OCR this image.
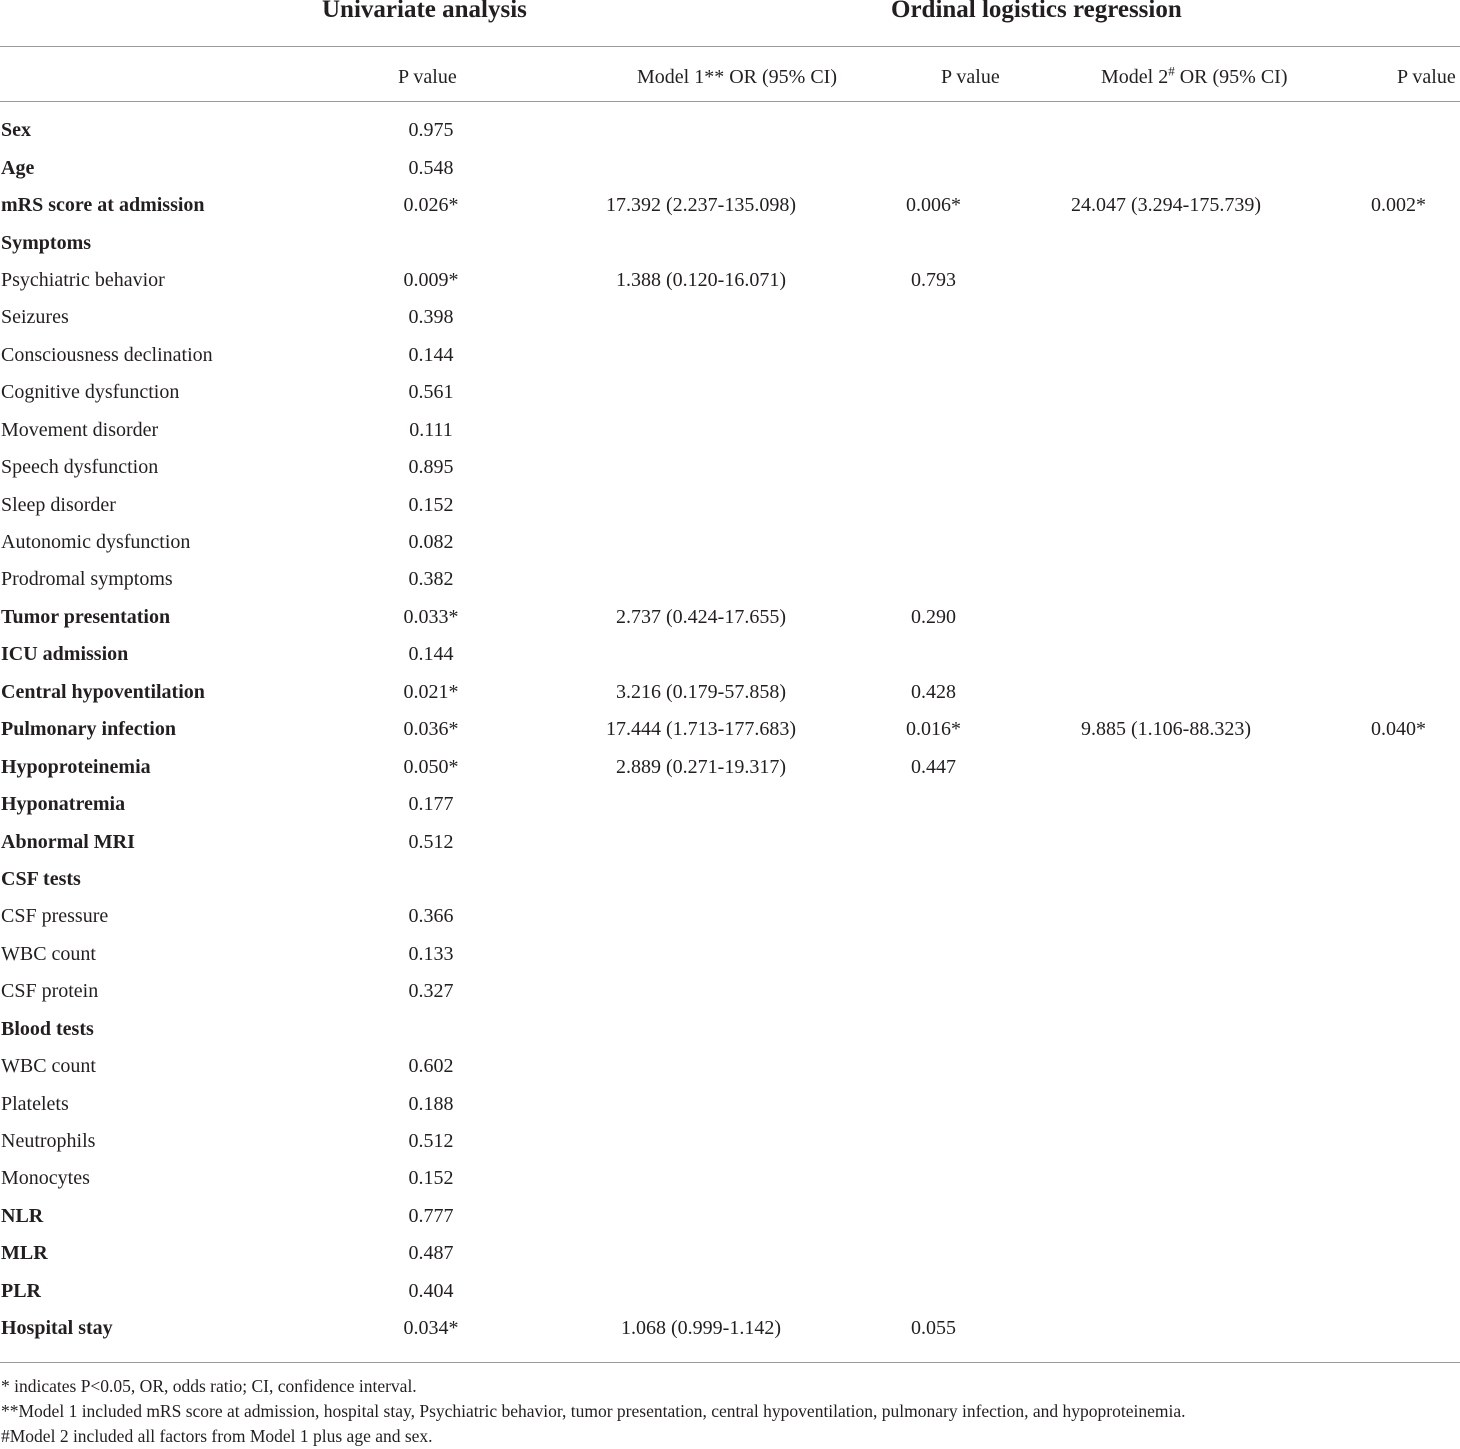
Univariate analysis	Ordinal logistics regression
P value	Model 1** OR (95% CI)	P value	Model 2# OR (95% CI)	P value
Sex	0.975				

Age	0.548				

mRS score at admission	0.026*	17.392 (2.237-135.098)	0.006*	24.047 (3.294-175.739)	0.002*

Symptoms	

Psychiatric behavior	0.009*	1.388 (0.120-16.071)	0.793		

Seizures	0.398				

Consciousness declination	0.144				

Cognitive dysfunction	0.561				

Movement disorder	0.111				

Speech dysfunction	0.895				

Sleep disorder	0.152				

Autonomic dysfunction	0.082				

Prodromal symptoms	0.382				

Tumor presentation	0.033*	2.737 (0.424-17.655)	0.290		

ICU admission	0.144				

Central hypoventilation	0.021*	3.216 (0.179-57.858)	0.428		

Pulmonary infection	0.036*	17.444 (1.713-177.683)	0.016*	9.885 (1.106-88.323)	0.040*

Hypoproteinemia	0.050*	2.889 (0.271-19.317)	0.447		

Hyponatremia	0.177				

Abnormal MRI	0.512				

CSF tests	

CSF pressure	0.366				

WBC count	0.133				

CSF protein	0.327				

Blood tests	

WBC count	0.602				

Platelets	0.188				

Neutrophils	0.512				

Monocytes	0.152				

NLR	0.777				

MLR	0.487				

PLR	0.404				

Hospital stay	0.034*	1.068 (0.999-1.142)	0.055		

* indicates P<0.05, OR, odds ratio; CI, confidence interval.
**Model 1 included mRS score at admission, hospital stay, Psychiatric behavior, tumor presentation, central hypoventilation, pulmonary infection, and hypoproteinemia.
#Model 2 included all factors from Model 1 plus age and sex.
